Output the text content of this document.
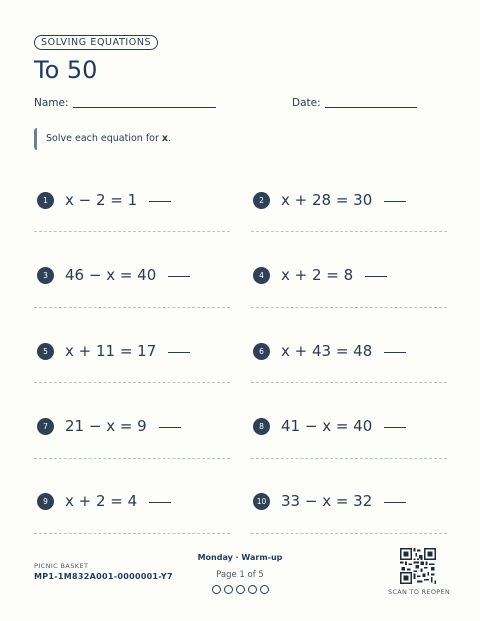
SOLVING EQUATIONS
To 50
Name:	Date:
Solve each equation for x.
1	x − 2 = 1	2	x + 28 = 30
3	46 − x = 40	4	x + 2 = 8
5	x + 11 = 17	6	x + 43 = 48
7	21 − x = 9	8	41 − x = 40
9	x + 2 = 4	10 33 − x = 32
PICNIC BASKET
MP1-1M832A001-0000001-Y7
Monday · Warm-up
Page 1 of 5
SCAN TO REOPEN
